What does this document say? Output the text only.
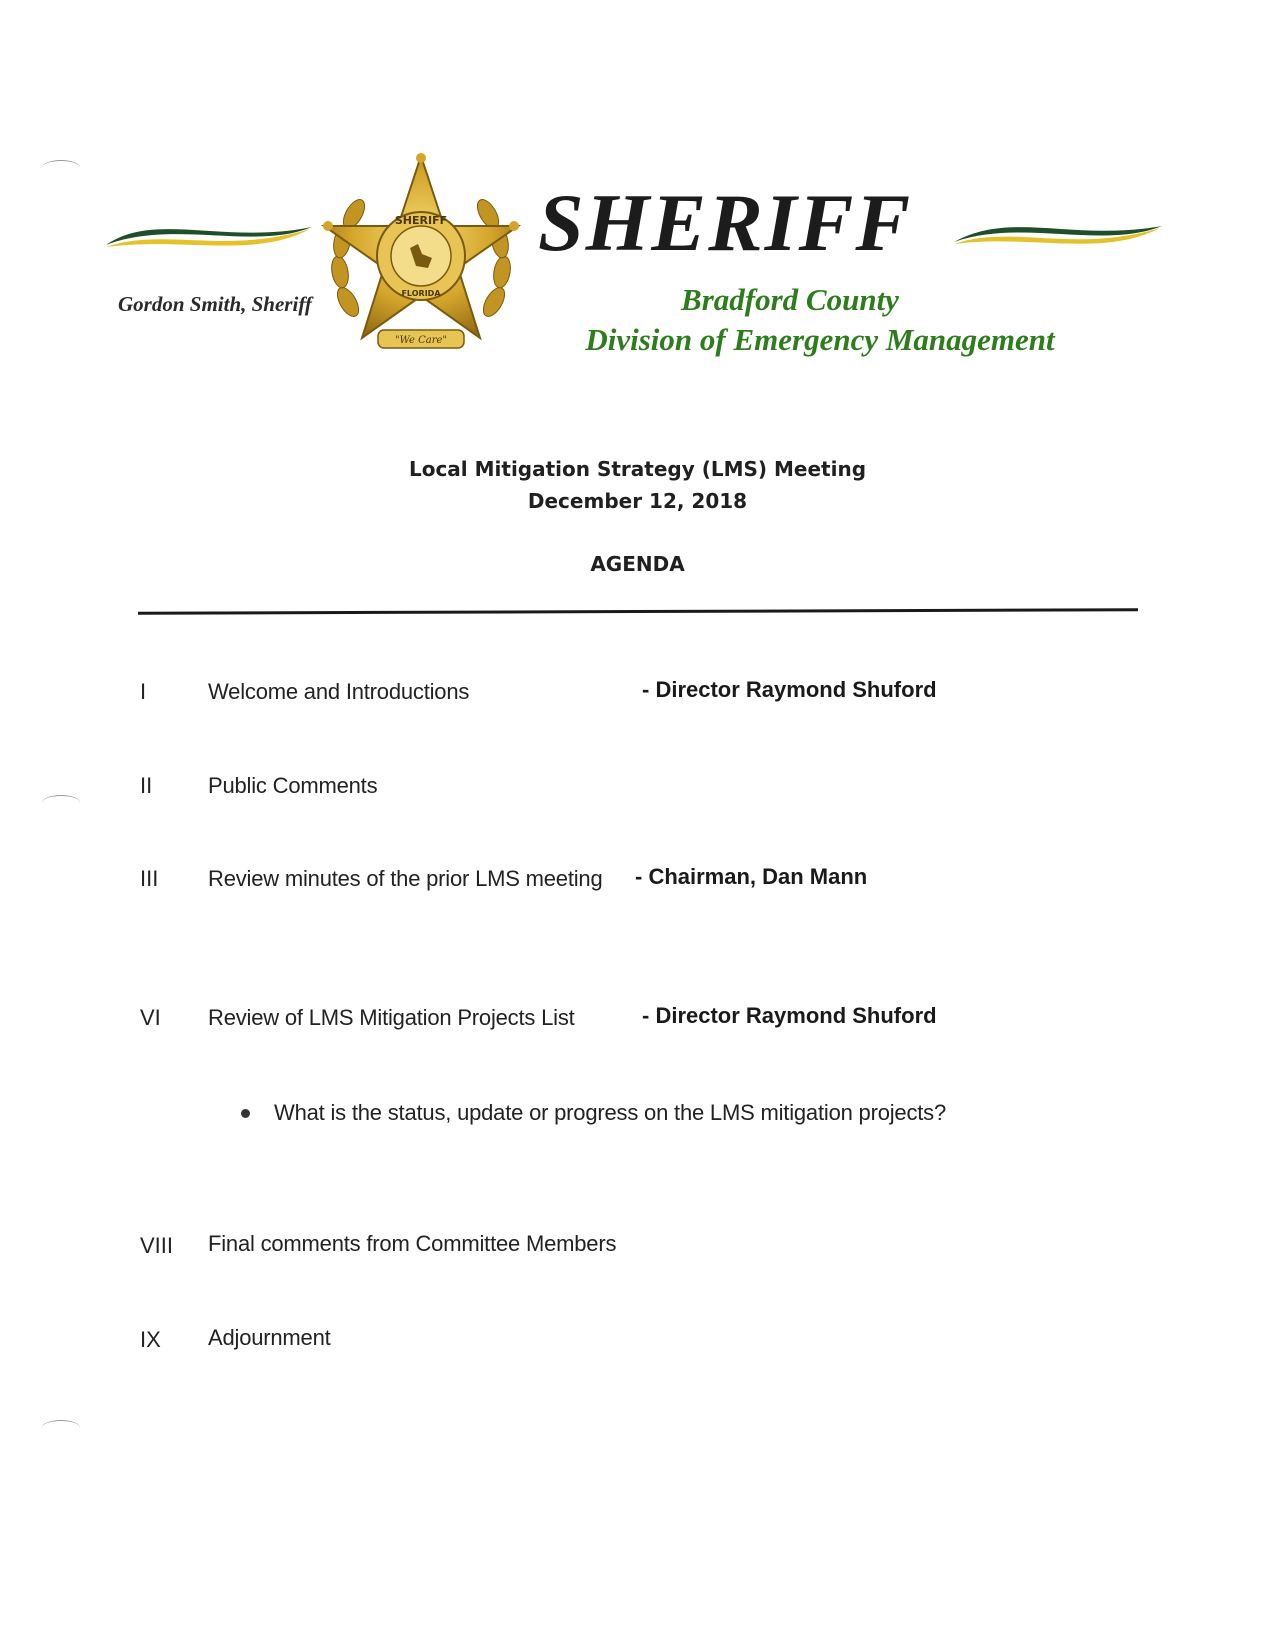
Gordon Smith, Sheriff
SHERIFF
FLORIDA
"We Care"
SHERIFF
Bradford County
Division of Emergency Management
Local Mitigation Strategy (LMS) Meeting
December 12, 2018
AGENDA
I	Welcome and Introductions	- Director Raymond Shuford
II	Public Comments
III Review minutes of the prior LMS meeting - Chairman, Dan Mann
VI Review of LMS Mitigation Projects List	- Director Raymond Shuford
What is the status, update or progress on the LMS mitigation projects?
VIII Final comments from Committee Members
IX Adjournment
